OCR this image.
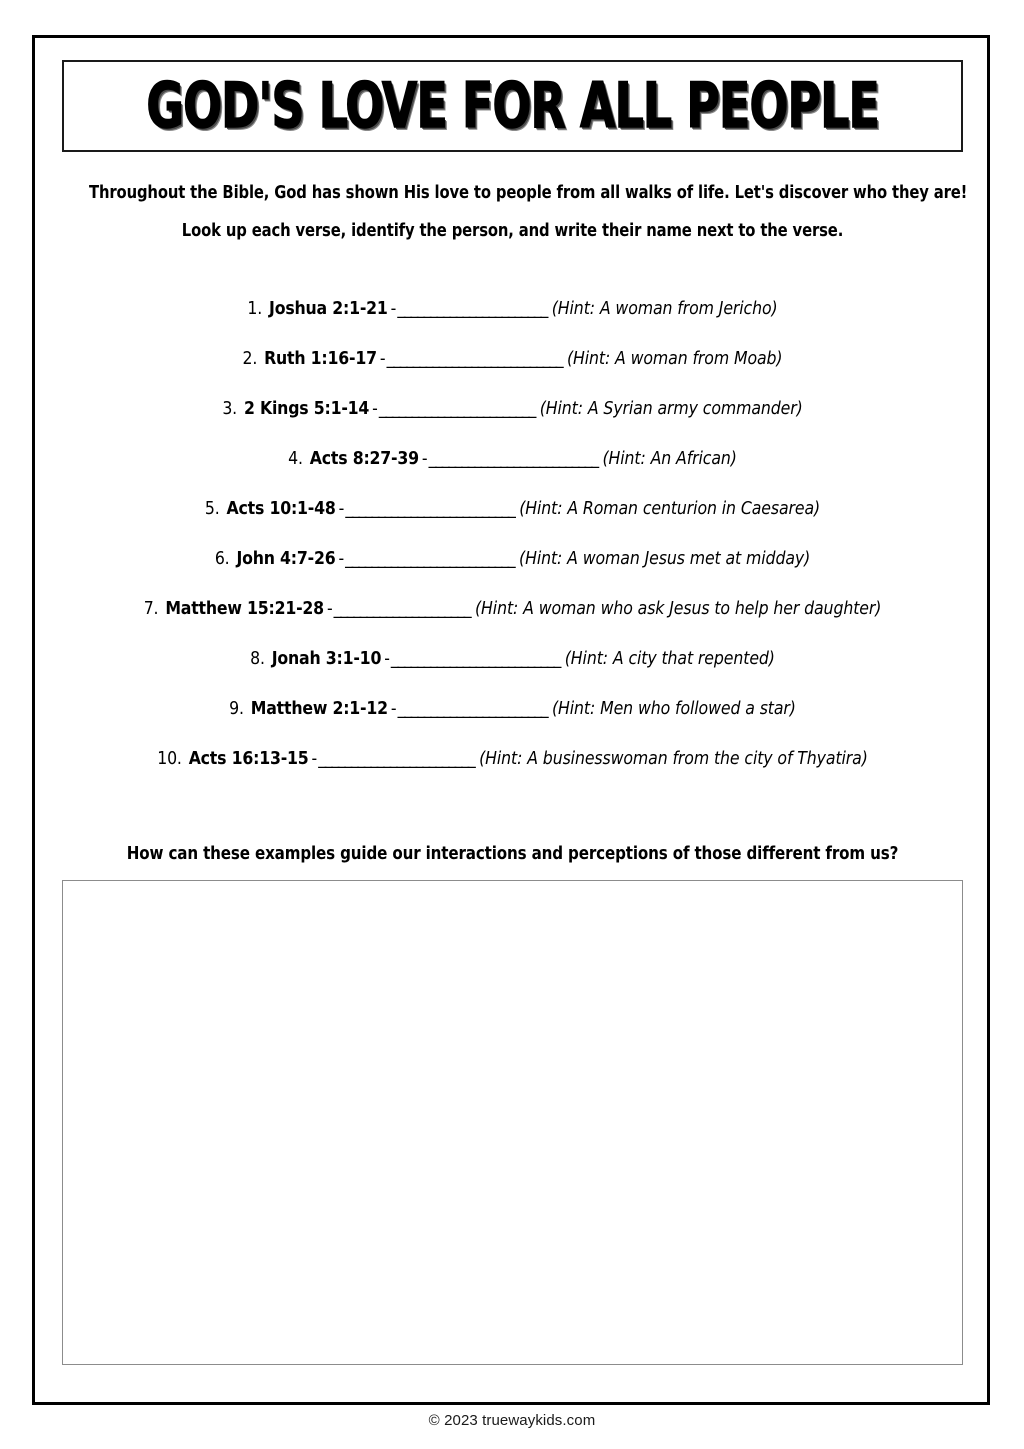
GOD'S LOVE FOR ALL PEOPLE
Throughout the Bible, God has shown His love to people from all walks of life. Let's discover who they are!
Look up each verse, identify the person, and write their name next to the verse.
1. Joshua 2:1-21 -_______________________ (Hint: A woman from Jericho)
2. Ruth 1:16-17 -___________________________ (Hint: A woman from Moab)
3. 2 Kings 5:1-14 -________________________ (Hint: A Syrian army commander)
4. Acts 8:27-39 -__________________________ (Hint: An African)
5. Acts 10:1-48 -__________________________ (Hint: A Roman centurion in Caesarea)
6. John 4:7-26 -__________________________ (Hint: A woman Jesus met at midday)
7. Matthew 15:21-28 -_____________________ (Hint: A woman who ask Jesus to help her daughter)
8. Jonah 3:1-10 -__________________________ (Hint: A city that repented)
9. Matthew 2:1-12 -_______________________ (Hint: Men who followed a star)
10. Acts 16:13-15 -________________________ (Hint: A businesswoman from the city of Thyatira)
How can these examples guide our interactions and perceptions of those different from us?
© 2023 truewaykids.com
